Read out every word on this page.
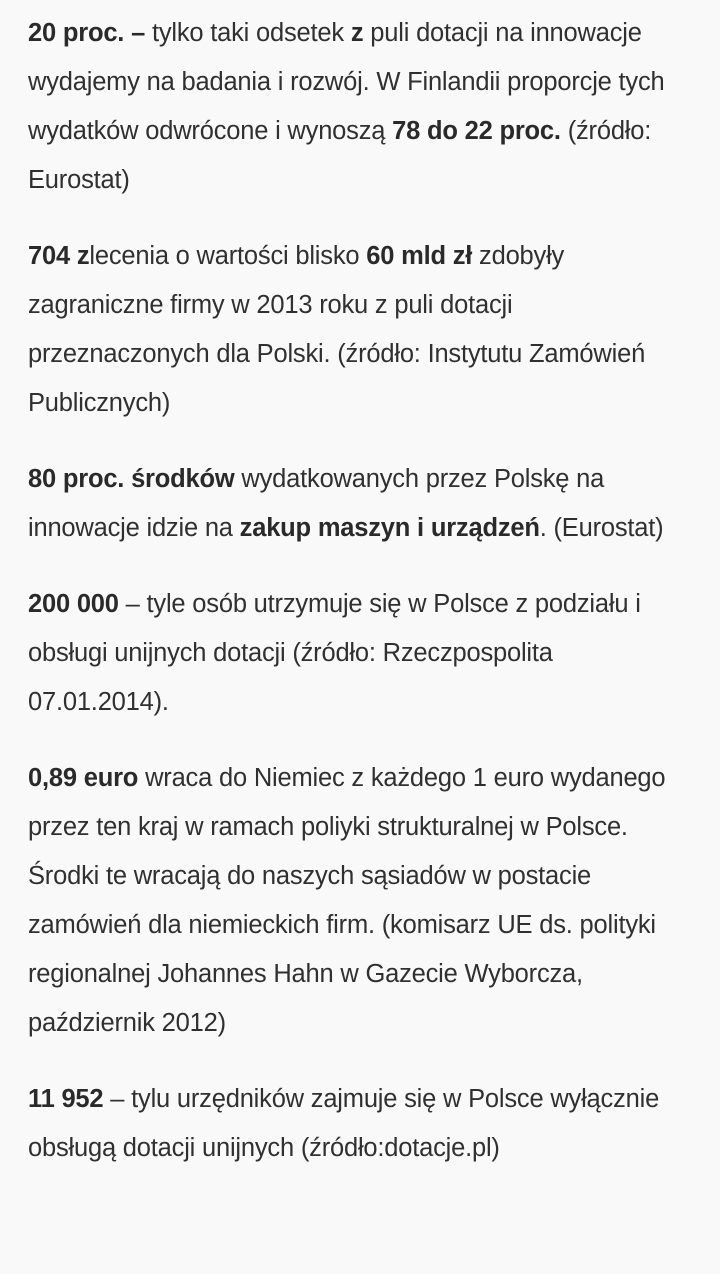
20 proc. – tylko taki odsetek z puli dotacji na innowacje wydajemy na badania i rozwój. W Finlandii proporcje tych wydatków odwrócone i wynoszą 78 do 22 proc. (źródło: Eurostat)

704 zlecenia o wartości blisko 60 mld zł zdobyły zagraniczne firmy w 2013 roku z puli dotacji przeznaczonych dla Polski. (źródło: Instytutu Zamówień Publicznych)

80 proc. środków wydatkowanych przez Polskę na innowacje idzie na zakup maszyn i urządzeń. (Eurostat)

200 000 – tyle osób utrzymuje się w Polsce z podziału i obsługi unijnych dotacji (źródło: Rzeczpospolita 07.01.2014).

0,89 euro wraca do Niemiec z każdego 1 euro wydanego przez ten kraj w ramach poliyki strukturalnej w Polsce. Środki te wracają do naszych sąsiadów w postacie zamówień dla niemieckich firm. (komisarz UE ds. polityki regionalnej Johannes Hahn w Gazecie Wyborcza, październik 2012)

11 952 – tylu urzędników zajmuje się w Polsce wyłącznie obsługą dotacji unijnych (źródło:dotacje.pl)
